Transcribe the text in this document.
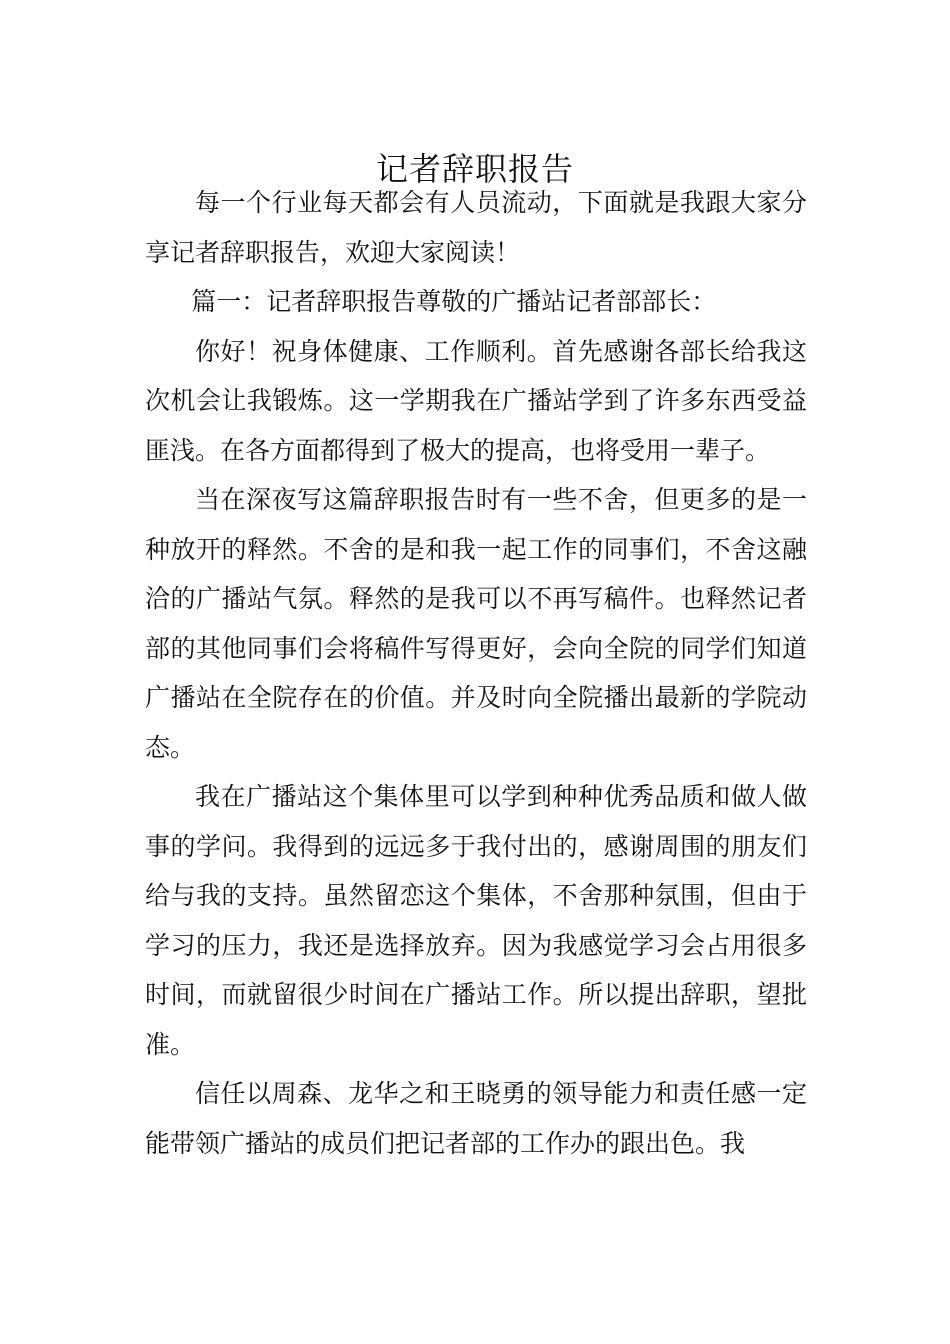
记者辞职报告

每一个行业每天都会有人员流动，下面就是我跟大家分享记者辞职报告，欢迎大家阅读！

篇一：记者辞职报告尊敬的广播站记者部部长：

你好！祝身体健康、工作顺利。首先感谢各部长给我这次机会让我锻炼。这一学期我在广播站学到了许多东西受益匪浅。在各方面都得到了极大的提高，也将受用一辈子。

当在深夜写这篇辞职报告时有一些不舍，但更多的是一种放开的释然。不舍的是和我一起工作的同事们，不舍这融洽的广播站气氛。释然的是我可以不再写稿件。也释然记者部的其他同事们会将稿件写得更好，会向全院的同学们知道广播站在全院存在的价值。并及时向全院播出最新的学院动态。

我在广播站这个集体里可以学到种种优秀品质和做人做事的学问。我得到的远远多于我付出的，感谢周围的朋友们给与我的支持。虽然留恋这个集体，不舍那种氛围，但由于学习的压力，我还是选择放弃。因为我感觉学习会占用很多时间，而就留很少时间在广播站工作。所以提出辞职，望批准。

信任以周森、龙华之和王晓勇的领导能力和责任感一定能带领广播站的成员们把记者部的工作办的跟出色。我
